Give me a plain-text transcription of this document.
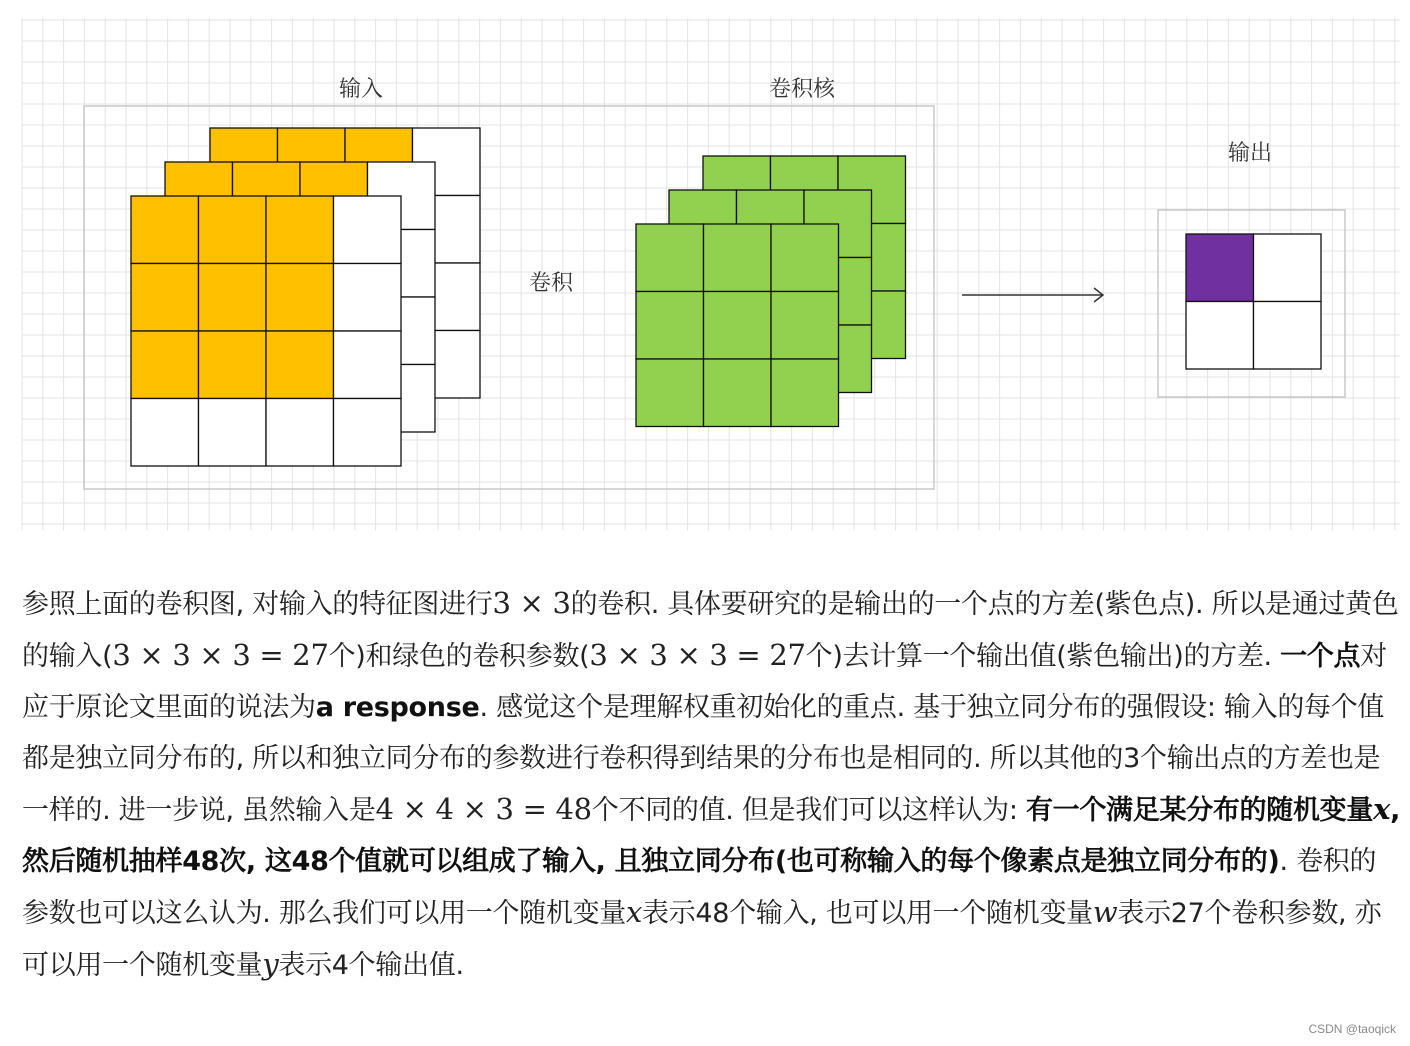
输入	卷积核
输出
卷积
参照上面的卷积图, 对输入的特征图进行3 × 3的卷积. 具体要研究的是输出的一个点的方差(紫色点). 所以是通过黄色的输入(3 × 3 × 3 = 27个)和绿色的卷积参数(3 × 3 × 3 = 27个)去计算一个输出值(紫色输出)的方差. 一个点对应于原论文里面的说法为a response. 感觉这个是理解权重初始化的重点. 基于独立同分布的强假设: 输入的每个值都是独立同分布的, 所以和独立同分布的参数进行卷积得到结果的分布也是相同的. 所以其他的3个输出点的方差也是一样的. 进一步说, 虽然输入是4 × 4 × 3 = 48个不同的值. 但是我们可以这样认为: 有一个满足某分布的随机变量x, 然后随机抽样48次, 这48个值就可以组成了输入, 且独立同分布(也可称输入的每个像素点是独立同分布的). 卷积的参数也可以这么认为. 那么我们可以用一个随机变量x表示48个输入, 也可以用一个随机变量w表示27个卷积参数, 亦可以用一个随机变量y表示4个输出值.
CSDN @taoqick
